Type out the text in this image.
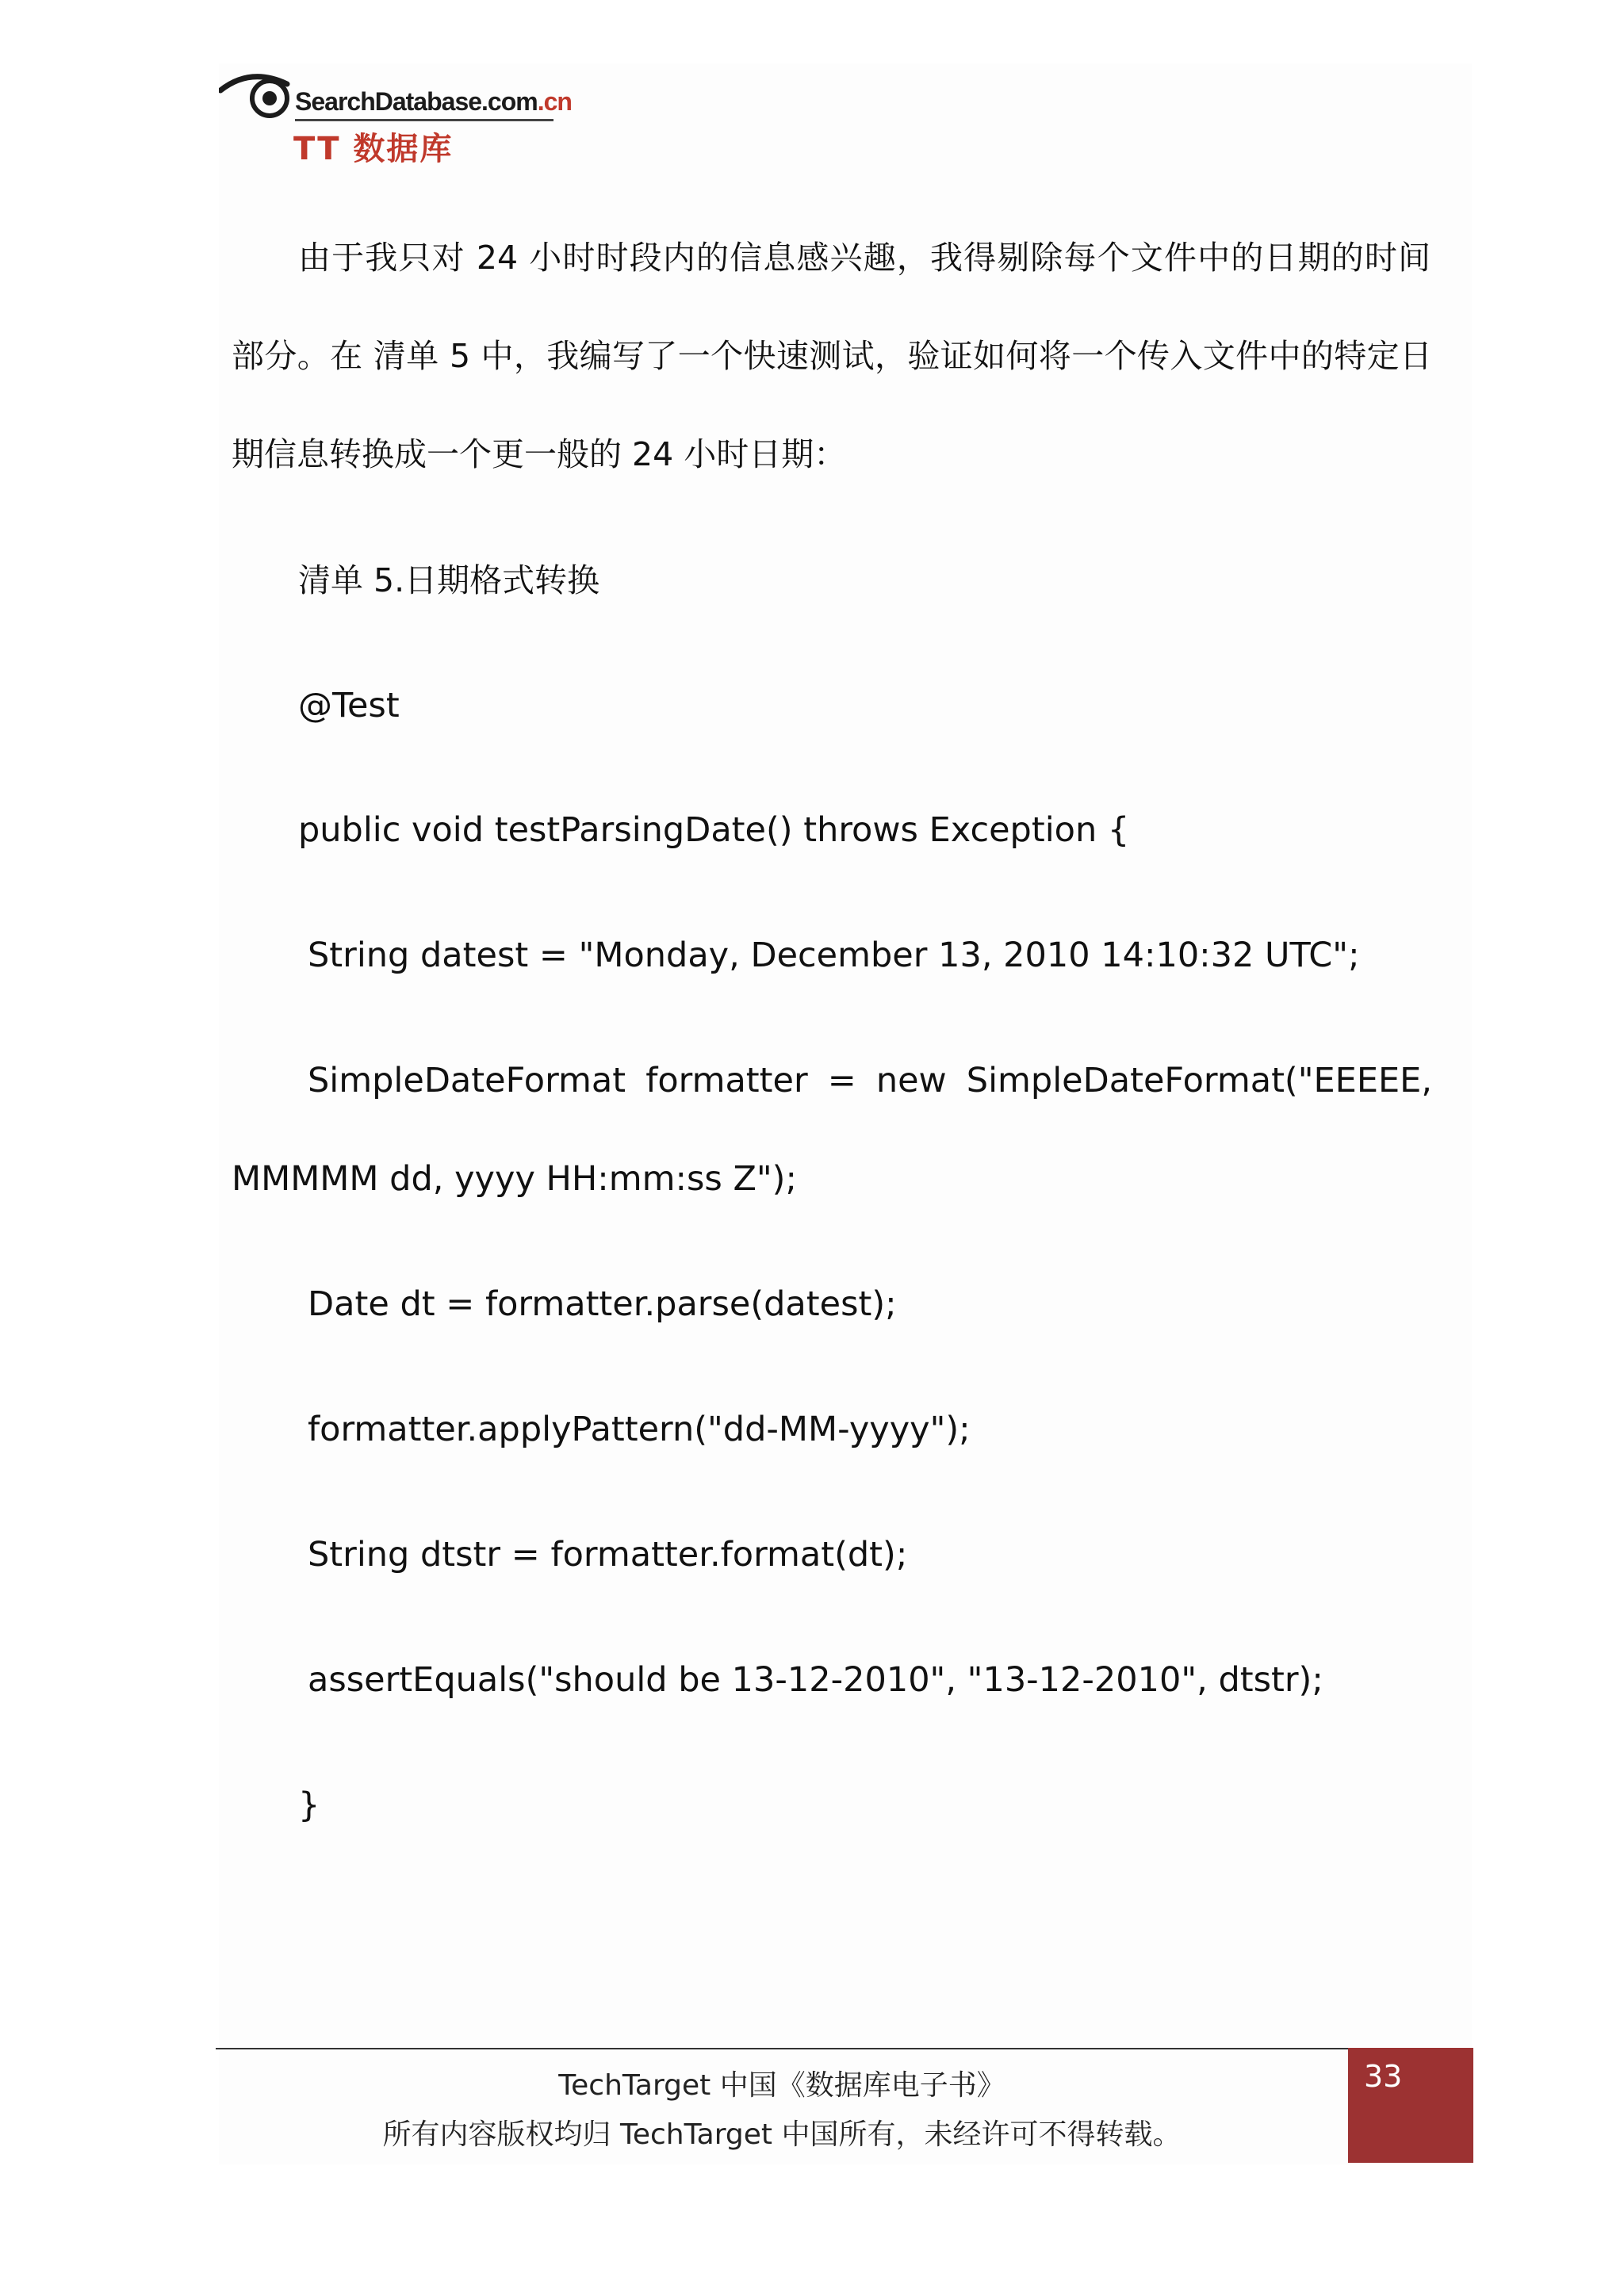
SearchDatabase.com.cn
TT 数据库
由于我只对 24 小时时段内的信息感兴趣，我得剔除每个文件中的日期的时间
部分。在 清单 5 中，我编写了一个快速测试，验证如何将一个传入文件中的特定日
期信息转换成一个更一般的 24 小时日期：
清单 5.日期格式转换
@Test
public void testParsingDate() throws Exception {
String datest = "Monday, December 13, 2010 14:10:32 UTC";
SimpleDateFormat formatter = new SimpleDateFormat("EEEEE,
MMMMM dd, yyyy HH:mm:ss Z");
Date dt = formatter.parse(datest);
formatter.applyPattern("dd-MM-yyyy");
String dtstr = formatter.format(dt);
assertEquals("should be 13-12-2010", "13-12-2010", dtstr);
}
TechTarget 中国《数据库电子书》
所有内容版权均归 TechTarget 中国所有，未经许可不得转载。
33
